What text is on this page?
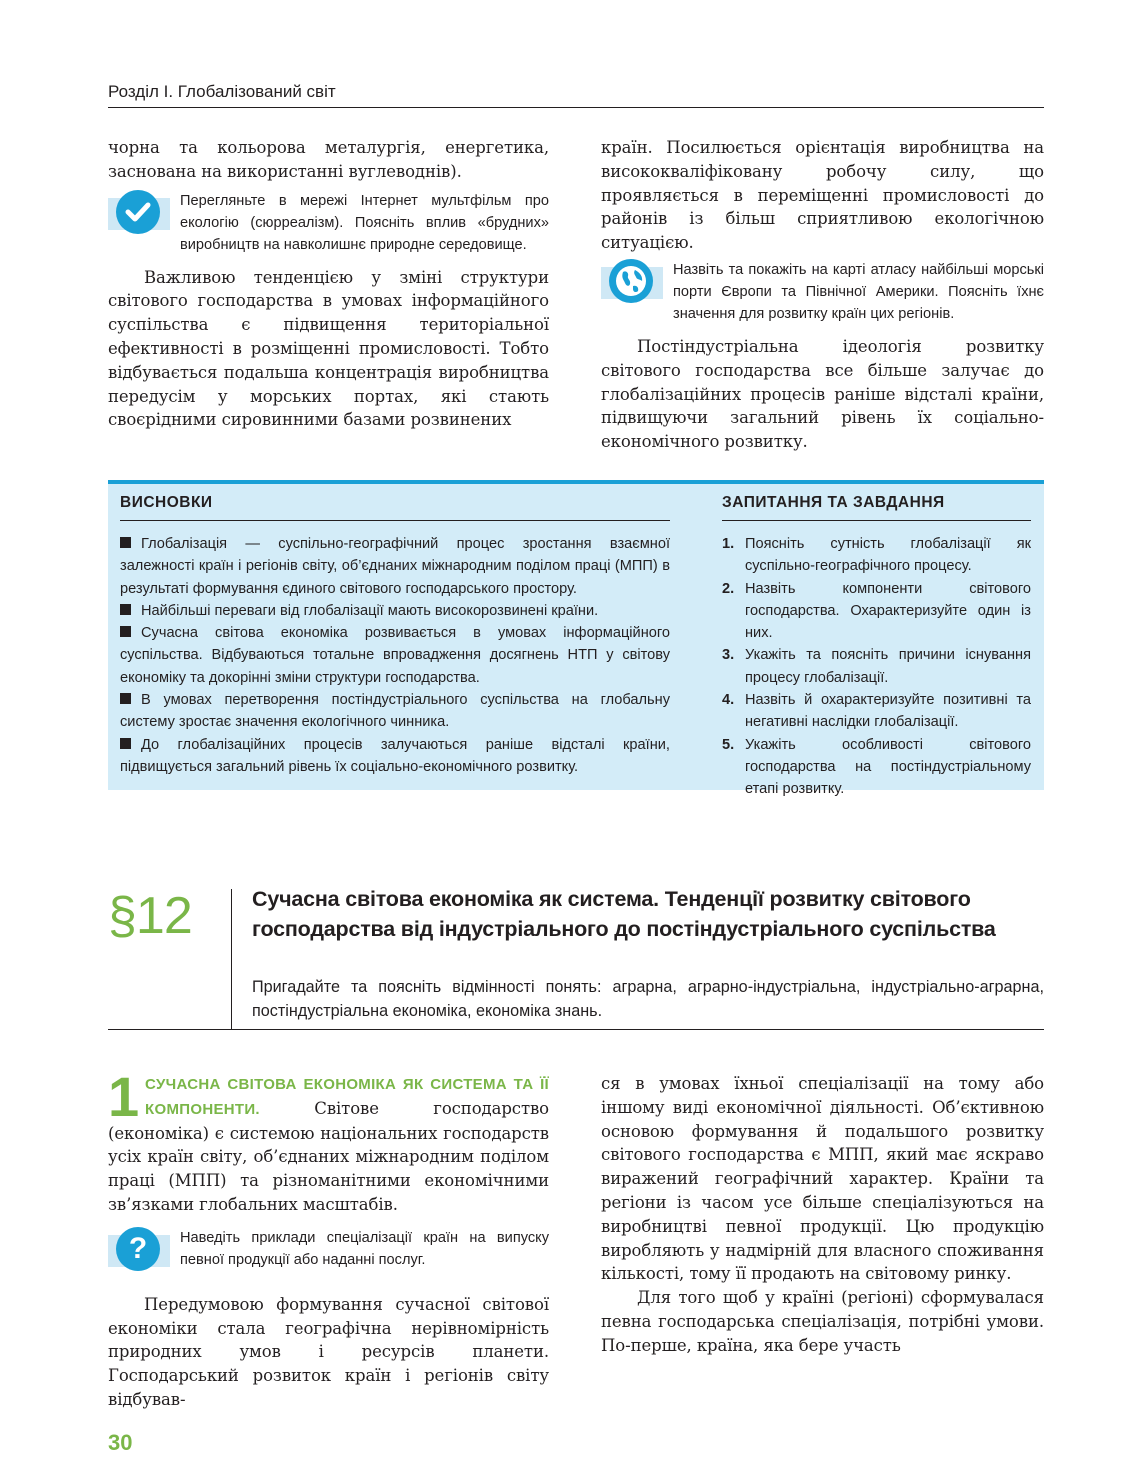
Розділ І. Глобалізований світ

чорна та кольорова металургія, енергетика, заснована на використанні вуглеводнів).

Перегляньте в мережі Інтернет мультфільм про екологію (сюрреалізм). Поясніть вплив «брудних» виробництв на навколишнє природне середовище.

Важливою тенденцією у зміні структури світового господарства в умовах інформаційного суспільства є підвищення територіальної ефективності в розміщенні промисловості. Тобто відбувається подальша концентрація виробництва передусім у морських портах, які стають своєрідними сировинними базами розвинених

країн. Посилюється орієнтація виробництва на висококваліфіковану робочу силу, що проявляється в переміщенні промисловості до районів із більш сприятливою екологічною ситуацією.

Назвіть та покажіть на карті атласу найбільші морські порти Європи та Північної Америки. Поясніть їхнє значення для розвитку країн цих регіонів.

Постіндустріальна ідеологія розвитку світового господарства все більше залучає до глобалізаційних процесів раніше відсталі країни, підвищуючи загальний рівень їх соціально-економічного розвитку.

ВИСНОВКИ

Глобалізація — суспільно-географічний процес зростання взаємної залежності країн і регіонів світу, об’єднаних міжнародним поділом праці (МПП) в результаті формування єдиного світового господарського простору.

Найбільші переваги від глобалізації мають високорозвинені країни.

Сучасна світова економіка розвивається в умовах інформаційного суспільства. Відбуваються тотальне впровадження досягнень НТП у світову економіку та докорінні зміни структури господарства.

В умовах перетворення постіндустріального суспільства на глобальну систему зростає значення екологічного чинника.

До глобалізаційних процесів залучаються раніше відсталі країни, підвищується загальний рівень їх соціально-економічного розвитку.

ЗАПИТАННЯ ТА ЗАВДАННЯ
1. Поясніть сутність глобалізації як суспільно-географічного процесу.
2. Назвіть компоненти світового господарства. Охарактеризуйте один із них.
3. Укажіть та поясніть причини існування процесу глобалізації.
4. Назвіть й охарактеризуйте позитивні та негативні наслідки глобалізації.
5. Укажіть особливості світового господарства на постіндустріальному етапі розвитку.
§12	Сучасна світова економіка як система. Тенденції розвитку світового господарства від індустріального до постіндустріального суспільства

Пригадайте та поясніть відмінності понять: аграрна, аграрно-індустріальна, індустріально-аграрна, постіндустріальна економіка, економіка знань.

1 СУЧАСНА СВІТОВА ЕКОНОМІКА ЯК СИСТЕМА ТА ЇЇ КОМПОНЕНТИ. Світове господарство (економіка) є системою національних господарств усіх країн світу, об’єднаних міжнародним поділом праці (МПП) та різноманітними економічними зв’язками глобальних масштабів.

? Наведіть приклади спеціалізації країн на випуску певної продукції або наданні послуг.

Передумовою формування сучасної світової економіки стала географічна нерівномірність природних умов і ресурсів планети. Господарський розвиток країн і регіонів світу відбував-

ся в умовах їхньої спеціалізації на тому або іншому виді економічної діяльності. Об’єктивною основою формування й подальшого розвитку світового господарства є МПП, який має яскраво виражений географічний характер. Країни та регіони із часом усе більше спеціалізуються на виробництві певної продукції. Цю продукцію виробляють у надмірній для власного споживання кількості, тому її продають на світовому ринку.

Для того щоб у країні (регіоні) сформувалася певна господарська спеціалізація, потрібні умови. По-перше, країна, яка бере участь

30
